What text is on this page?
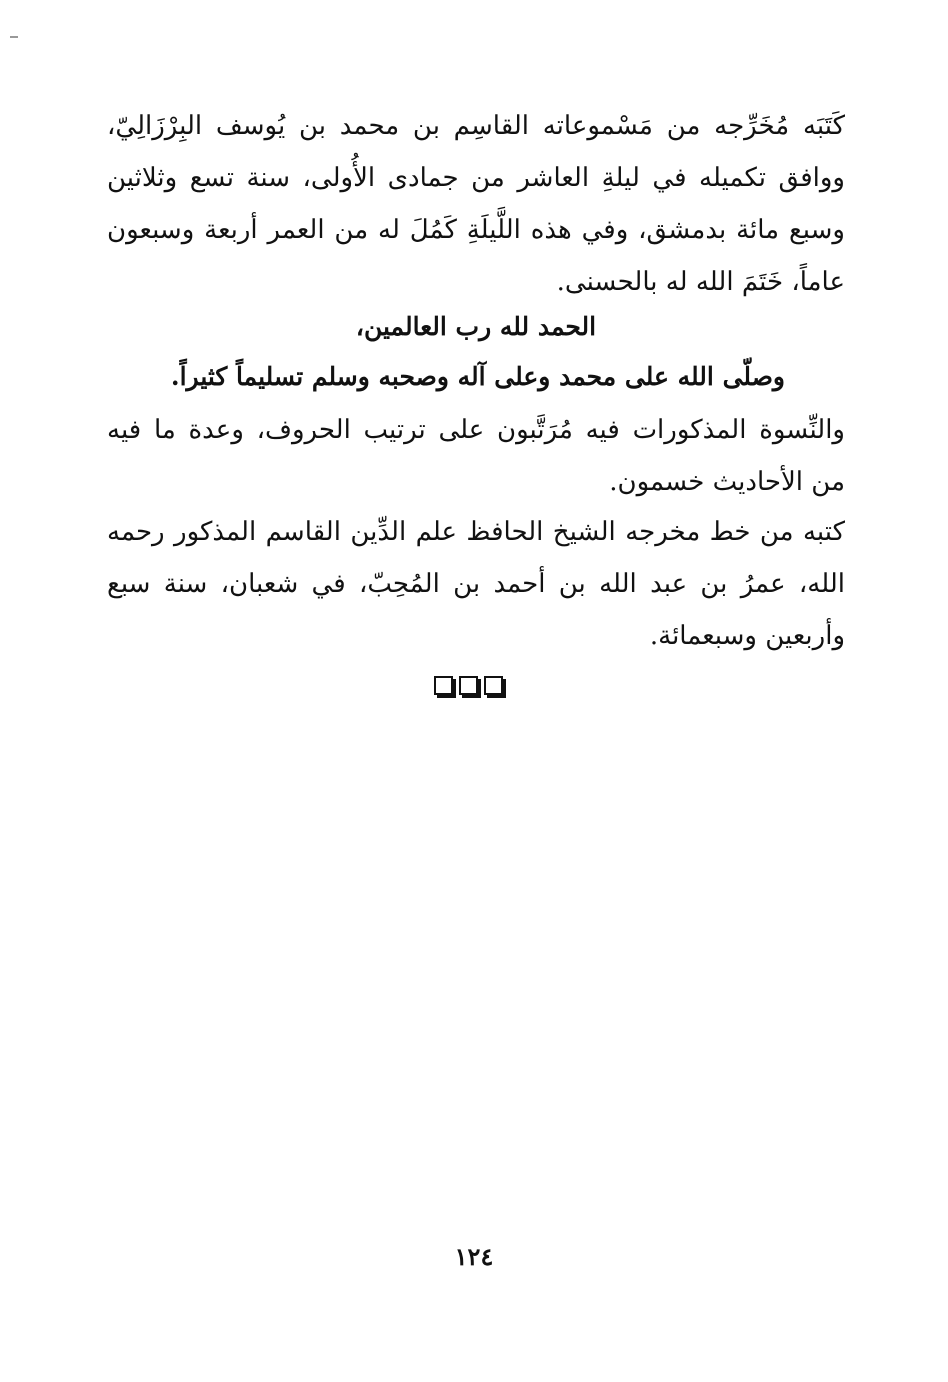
كَتَبَه مُخَرِّجه من مَسْموعاته القاسِم بن محمد بن يُوسف البِرْزَالِيّ، ووافق تكميله في ليلةِ العاشر من جمادى الأُولى، سنة تسع وثلاثين وسبع مائة بدمشق، وفي هذه اللَّيلَةِ كَمُلَ له من العمر أربعة وسبعون عاماً، خَتَمَ الله له بالحسنى.
الحمد لله رب العالمين،
وصلّى الله على محمد وعلى آله وصحبه وسلم تسليماً كثيراً.
والنِّسوة المذكورات فيه مُرَتَّبون على ترتيب الحروف، وعدة ما فيه من الأحاديث خسمون.
كتبه من خط مخرجه الشيخ الحافظ علم الدِّين القاسم المذكور رحمه الله، عمرُ بن عبد الله بن أحمد بن المُحِبّ، في شعبان، سنة سبع وأربعين وسبعمائة.
١٢٤
